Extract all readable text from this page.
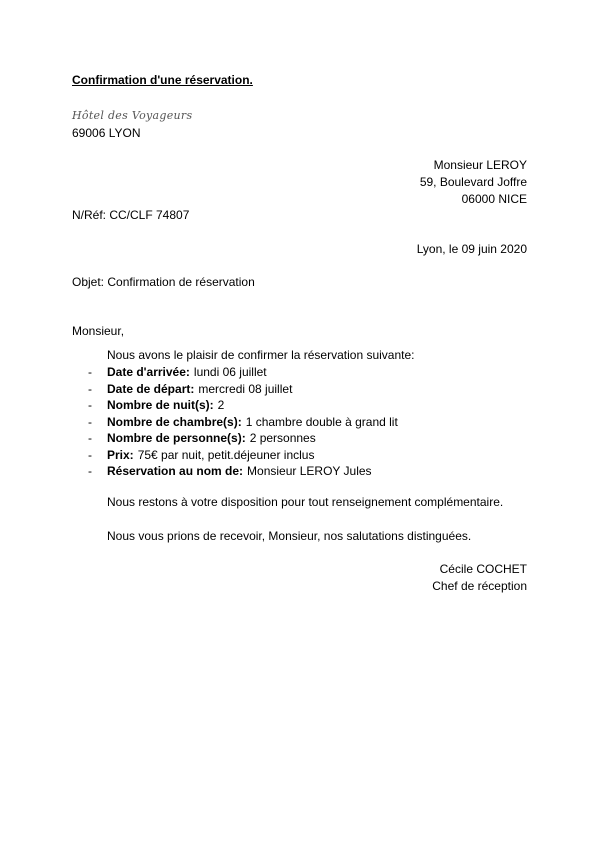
Confirmation d'une réservation.
Hôtel des Voyageurs
69006 LYON
Monsieur LEROY
59, Boulevard Joffre
06000 NICE
N/Réf: CC/CLF 74807
Lyon, le 09 juin 2020
Objet: Confirmation de réservation
Monsieur,
Nous avons le plaisir de confirmer la réservation suivante:
-	Date d'arrivée: lundi 06 juillet
-	Date de départ: mercredi 08 juillet
-	Nombre de nuit(s): 2
-	Nombre de chambre(s): 1 chambre double à grand lit
-	Nombre de personne(s): 2 personnes
-	Prix: 75€ par nuit, petit.déjeuner inclus
-	Réservation au nom de: Monsieur LEROY Jules
Nous restons à votre disposition pour tout renseignement complémentaire.
Nous vous prions de recevoir, Monsieur, nos salutations distinguées.
Cécile COCHET
Chef de réception
